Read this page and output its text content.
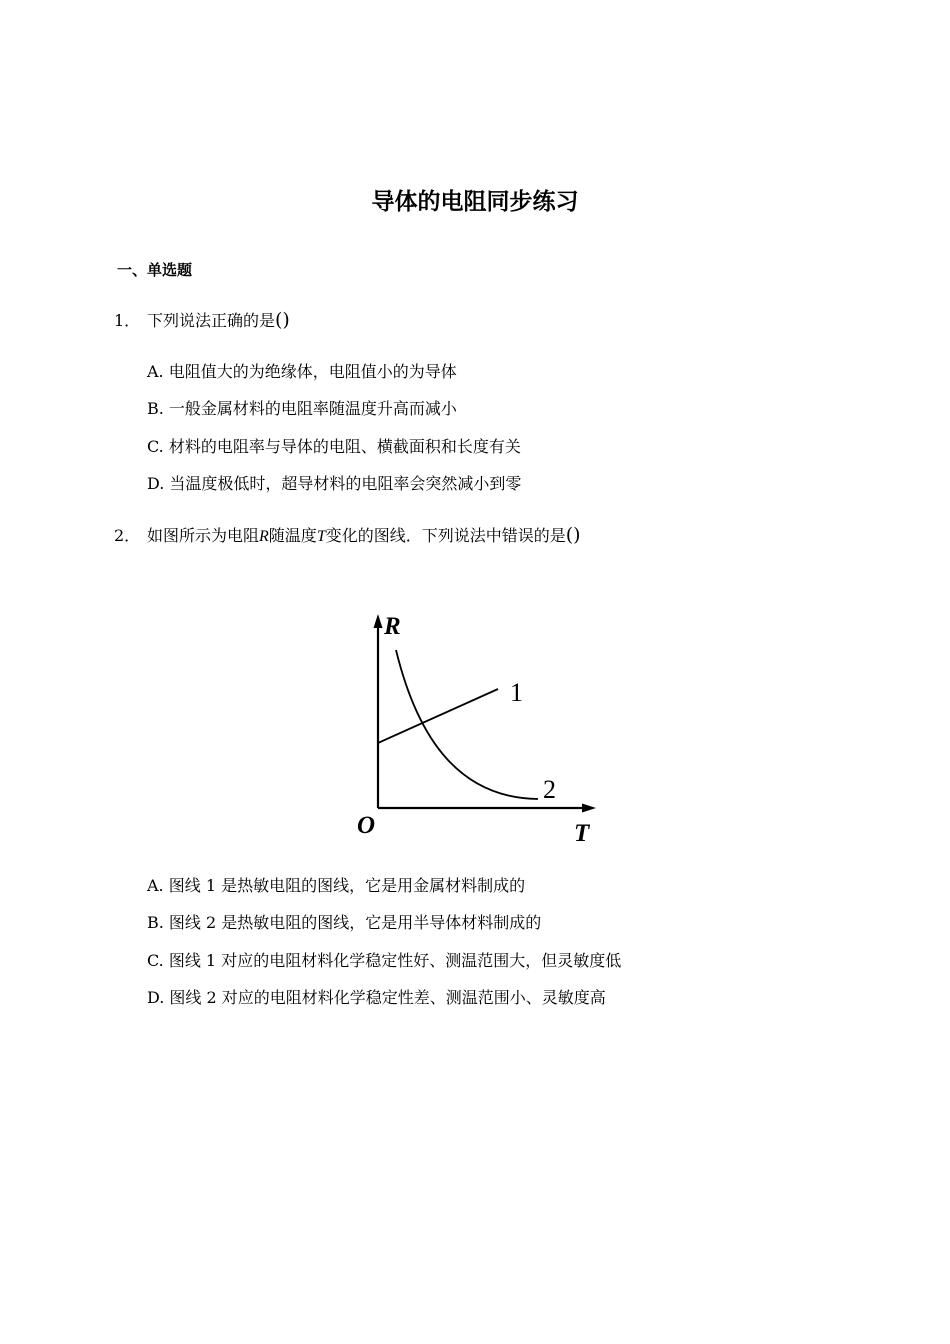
导体的电阻同步练习
一、单选题
1． 下列说法正确的是()
A. 电阻值大的为绝缘体，电阻值小的为导体
B. 一般金属材料的电阻率随温度升高而减小
C. 材料的电阻率与导体的电阻、横截面积和长度有关
D. 当温度极低时，超导材料的电阻率会突然减小到零
2． 如图所示为电阻R随温度T变化的图线．下列说法中错误的是()
R
T
O
1
2
A. 图线 1 是热敏电阻的图线，它是用金属材料制成的
B. 图线 2 是热敏电阻的图线，它是用半导体材料制成的
C. 图线 1 对应的电阻材料化学稳定性好、测温范围大，但灵敏度低
D. 图线 2 对应的电阻材料化学稳定性差、测温范围小、灵敏度高
